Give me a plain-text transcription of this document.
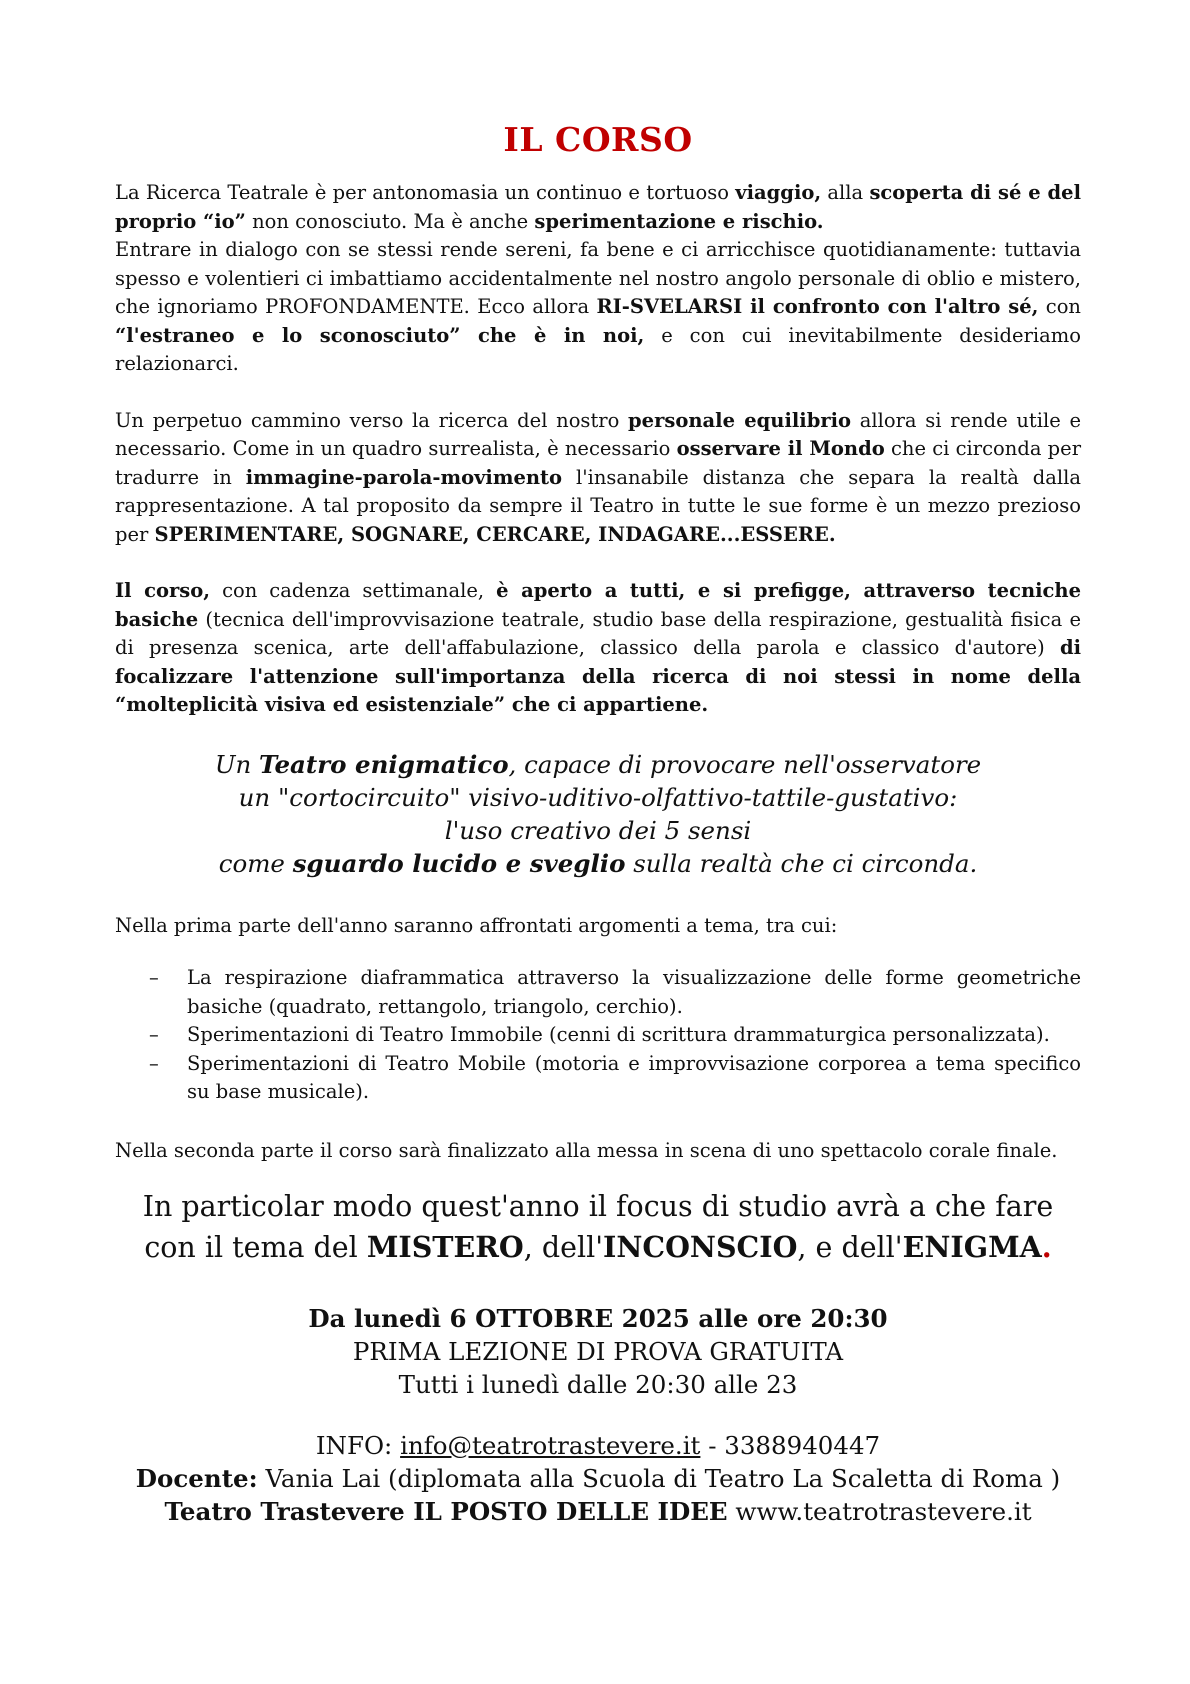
IL CORSO

La Ricerca Teatrale è per antonomasia un continuo e tortuoso viaggio, alla scoperta di sé e del proprio “io” non conosciuto. Ma è anche sperimentazione e rischio.
Entrare in dialogo con se stessi rende sereni, fa bene e ci arricchisce quotidianamente: tuttavia spesso e volentieri ci imbattiamo accidentalmente nel nostro angolo personale di oblio e mistero, che ignoriamo PROFONDAMENTE. Ecco allora RI-SVELARSI il confronto con l'altro sé, con “l'estraneo e lo sconosciuto” che è in noi, e con cui inevitabilmente desideriamo relazionarci.

Un perpetuo cammino verso la ricerca del nostro personale equilibrio allora si rende utile e necessario. Come in un quadro surrealista, è necessario osservare il Mondo che ci circonda per tradurre in immagine-parola-movimento l'insanabile distanza che separa la realtà dalla rappresentazione. A tal proposito da sempre il Teatro in tutte le sue forme è un mezzo prezioso per SPERIMENTARE, SOGNARE, CERCARE, INDAGARE...ESSERE.

Il corso, con cadenza settimanale, è aperto a tutti, e si prefigge, attraverso tecniche basiche (tecnica dell'improvvisazione teatrale, studio base della respirazione, gestualità fisica e di presenza scenica, arte dell'affabulazione, classico della parola e classico d'autore) di focalizzare l'attenzione sull'importanza della ricerca di noi stessi in nome della “molteplicità visiva ed esistenziale” che ci appartiene.

Un Teatro enigmatico, capace di provocare nell'osservatore
un "cortocircuito" visivo-uditivo-olfattivo-tattile-gustativo:
l'uso creativo dei 5 sensi
come sguardo lucido e sveglio sulla realtà che ci circonda.

Nella prima parte dell'anno saranno affrontati argomenti a tema, tra cui:

– La respirazione diaframmatica attraverso la visualizzazione delle forme geometriche basiche (quadrato, rettangolo, triangolo, cerchio).
– Sperimentazioni di Teatro Immobile (cenni di scrittura drammaturgica personalizzata).
– Sperimentazioni di Teatro Mobile (motoria e improvvisazione corporea a tema specifico su base musicale).

Nella seconda parte il corso sarà finalizzato alla messa in scena di uno spettacolo corale finale.

In particolar modo quest'anno il focus di studio avrà a che fare con il tema del MISTERO, dell'INCONSCIO, e dell'ENIGMA.
Da lunedì 6 OTTOBRE 2025 alle ore 20:30
PRIMA LEZIONE DI PROVA GRATUITA
Tutti i lunedì dalle 20:30 alle 23
INFO: info@teatrotrastevere.it - 3388940447
Docente: Vania Lai (diplomata alla Scuola di Teatro La Scaletta di Roma )
Teatro Trastevere IL POSTO DELLE IDEE www.teatrotrastevere.it
